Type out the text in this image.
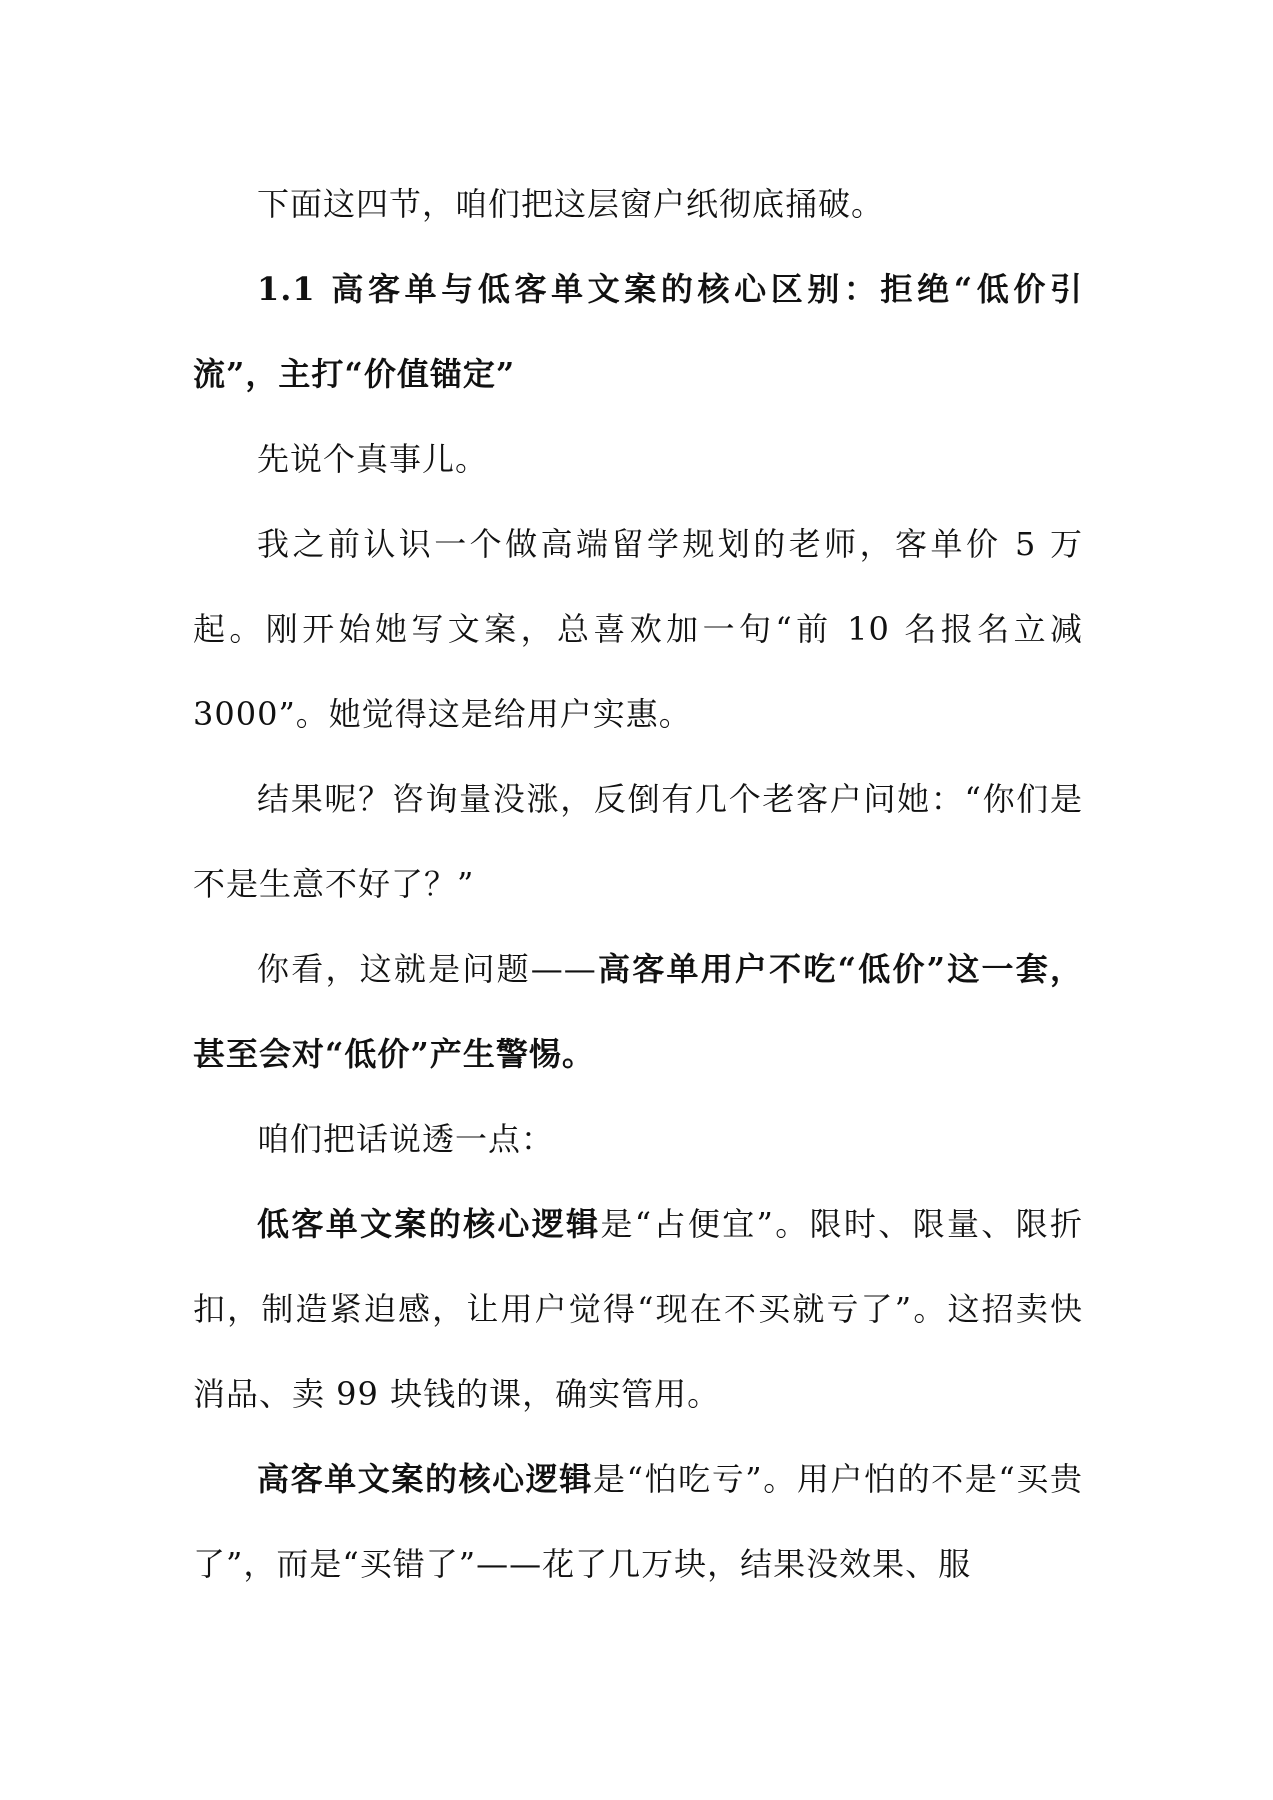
下面这四节，咱们把这层窗户纸彻底捅破。

1.1 高客单与低客单文案的核心区别：拒绝“低价引流”，主打“价值锚定”

先说个真事儿。

我之前认识一个做高端留学规划的老师，客单价 5 万起。刚开始她写文案，总喜欢加一句“前 10 名报名立减 3000”。她觉得这是给用户实惠。

结果呢？咨询量没涨，反倒有几个老客户问她：“你们是不是生意不好了？”

你看，这就是问题——高客单用户不吃“低价”这一套，甚至会对“低价”产生警惕。

咱们把话说透一点：

低客单文案的核心逻辑是“占便宜”。限时、限量、限折扣，制造紧迫感，让用户觉得“现在不买就亏了”。这招卖快消品、卖 99 块钱的课，确实管用。

高客单文案的核心逻辑是“怕吃亏”。用户怕的不是“买贵了”，而是“买错了”——花了几万块，结果没效果、服
